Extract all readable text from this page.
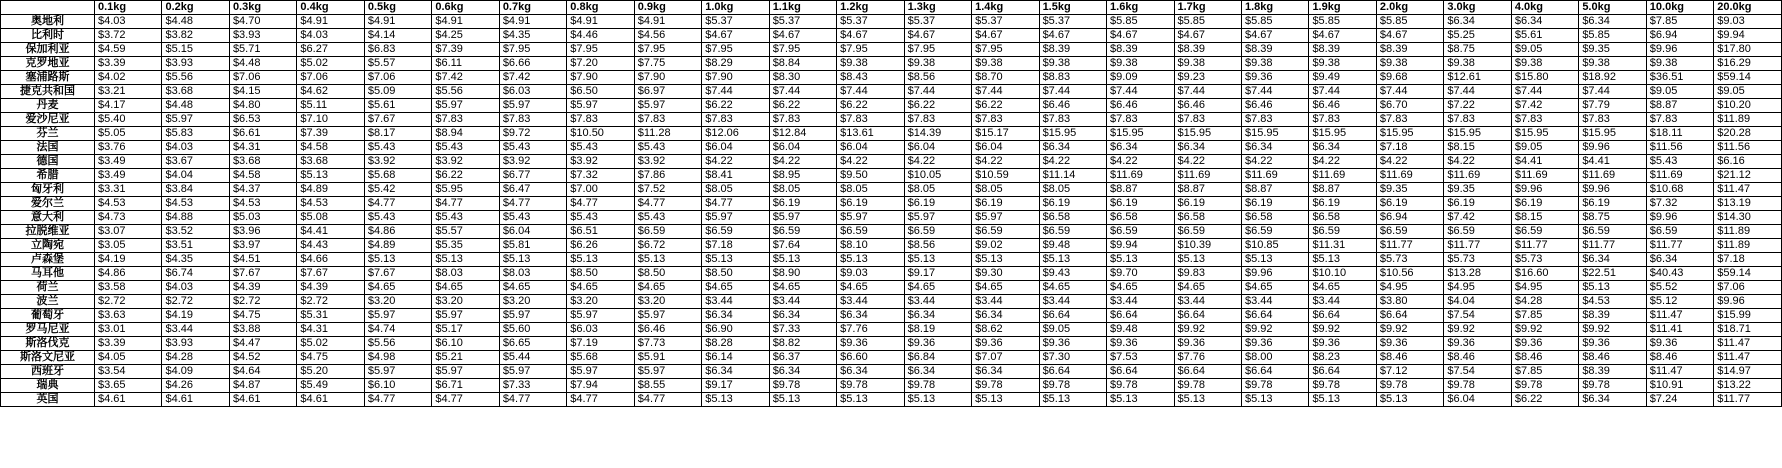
	0.1kg	0.2kg	0.3kg	0.4kg	0.5kg	0.6kg	0.7kg	0.8kg	0.9kg	1.0kg	1.1kg	1.2kg	1.3kg	1.4kg	1.5kg	1.6kg	1.7kg	1.8kg	1.9kg	2.0kg	3.0kg	4.0kg	5.0kg	10.0kg	20.0kg
奥地利	$4.03	$4.48	$4.70	$4.91	$4.91	$4.91	$4.91	$4.91	$4.91	$5.37	$5.37	$5.37	$5.37	$5.37	$5.37	$5.85	$5.85	$5.85	$5.85	$5.85	$6.34	$6.34	$6.34	$7.85	$9.03
比利时	$3.72	$3.82	$3.93	$4.03	$4.14	$4.25	$4.35	$4.46	$4.56	$4.67	$4.67	$4.67	$4.67	$4.67	$4.67	$4.67	$4.67	$4.67	$4.67	$4.67	$5.25	$5.61	$5.85	$6.94	$9.94
保加利亚	$4.59	$5.15	$5.71	$6.27	$6.83	$7.39	$7.95	$7.95	$7.95	$7.95	$7.95	$7.95	$7.95	$7.95	$8.39	$8.39	$8.39	$8.39	$8.39	$8.39	$8.75	$9.05	$9.35	$9.96	$17.80
克罗地亚	$3.39	$3.93	$4.48	$5.02	$5.57	$6.11	$6.66	$7.20	$7.75	$8.29	$8.84	$9.38	$9.38	$9.38	$9.38	$9.38	$9.38	$9.38	$9.38	$9.38	$9.38	$9.38	$9.38	$9.38	$16.29
塞浦路斯	$4.02	$5.56	$7.06	$7.06	$7.06	$7.42	$7.42	$7.90	$7.90	$7.90	$8.30	$8.43	$8.56	$8.70	$8.83	$9.09	$9.23	$9.36	$9.49	$9.68	$12.61	$15.80	$18.92	$36.51	$59.14
捷克共和国	$3.21	$3.68	$4.15	$4.62	$5.09	$5.56	$6.03	$6.50	$6.97	$7.44	$7.44	$7.44	$7.44	$7.44	$7.44	$7.44	$7.44	$7.44	$7.44	$7.44	$7.44	$7.44	$7.44	$9.05	$9.05
丹麦	$4.17	$4.48	$4.80	$5.11	$5.61	$5.97	$5.97	$5.97	$5.97	$6.22	$6.22	$6.22	$6.22	$6.22	$6.46	$6.46	$6.46	$6.46	$6.46	$6.70	$7.22	$7.42	$7.79	$8.87	$10.20
爱沙尼亚	$5.40	$5.97	$6.53	$7.10	$7.67	$7.83	$7.83	$7.83	$7.83	$7.83	$7.83	$7.83	$7.83	$7.83	$7.83	$7.83	$7.83	$7.83	$7.83	$7.83	$7.83	$7.83	$7.83	$7.83	$11.89
芬兰	$5.05	$5.83	$6.61	$7.39	$8.17	$8.94	$9.72	$10.50	$11.28	$12.06	$12.84	$13.61	$14.39	$15.17	$15.95	$15.95	$15.95	$15.95	$15.95	$15.95	$15.95	$15.95	$15.95	$18.11	$20.28
法国	$3.76	$4.03	$4.31	$4.58	$5.43	$5.43	$5.43	$5.43	$5.43	$6.04	$6.04	$6.04	$6.04	$6.04	$6.34	$6.34	$6.34	$6.34	$6.34	$7.18	$8.15	$9.05	$9.96	$11.56	$11.56
德国	$3.49	$3.67	$3.68	$3.68	$3.92	$3.92	$3.92	$3.92	$3.92	$4.22	$4.22	$4.22	$4.22	$4.22	$4.22	$4.22	$4.22	$4.22	$4.22	$4.22	$4.22	$4.41	$4.41	$5.43	$6.16
希腊	$3.49	$4.04	$4.58	$5.13	$5.68	$6.22	$6.77	$7.32	$7.86	$8.41	$8.95	$9.50	$10.05	$10.59	$11.14	$11.69	$11.69	$11.69	$11.69	$11.69	$11.69	$11.69	$11.69	$11.69	$21.12
匈牙利	$3.31	$3.84	$4.37	$4.89	$5.42	$5.95	$6.47	$7.00	$7.52	$8.05	$8.05	$8.05	$8.05	$8.05	$8.05	$8.87	$8.87	$8.87	$8.87	$9.35	$9.35	$9.96	$9.96	$10.68	$11.47
爱尔兰	$4.53	$4.53	$4.53	$4.53	$4.77	$4.77	$4.77	$4.77	$4.77	$4.77	$6.19	$6.19	$6.19	$6.19	$6.19	$6.19	$6.19	$6.19	$6.19	$6.19	$6.19	$6.19	$6.19	$7.32	$13.19
意大利	$4.73	$4.88	$5.03	$5.08	$5.43	$5.43	$5.43	$5.43	$5.43	$5.97	$5.97	$5.97	$5.97	$5.97	$6.58	$6.58	$6.58	$6.58	$6.58	$6.94	$7.42	$8.15	$8.75	$9.96	$14.30
拉脱维亚	$3.07	$3.52	$3.96	$4.41	$4.86	$5.57	$6.04	$6.51	$6.59	$6.59	$6.59	$6.59	$6.59	$6.59	$6.59	$6.59	$6.59	$6.59	$6.59	$6.59	$6.59	$6.59	$6.59	$6.59	$11.89
立陶宛	$3.05	$3.51	$3.97	$4.43	$4.89	$5.35	$5.81	$6.26	$6.72	$7.18	$7.64	$8.10	$8.56	$9.02	$9.48	$9.94	$10.39	$10.85	$11.31	$11.77	$11.77	$11.77	$11.77	$11.77	$11.89
卢森堡	$4.19	$4.35	$4.51	$4.66	$5.13	$5.13	$5.13	$5.13	$5.13	$5.13	$5.13	$5.13	$5.13	$5.13	$5.13	$5.13	$5.13	$5.13	$5.13	$5.73	$5.73	$5.73	$6.34	$6.34	$7.18
马耳他	$4.86	$6.74	$7.67	$7.67	$7.67	$8.03	$8.03	$8.50	$8.50	$8.50	$8.90	$9.03	$9.17	$9.30	$9.43	$9.70	$9.83	$9.96	$10.10	$10.56	$13.28	$16.60	$22.51	$40.43	$59.14
荷兰	$3.58	$4.03	$4.39	$4.39	$4.65	$4.65	$4.65	$4.65	$4.65	$4.65	$4.65	$4.65	$4.65	$4.65	$4.65	$4.65	$4.65	$4.65	$4.65	$4.95	$4.95	$4.95	$5.13	$5.52	$7.06
波兰	$2.72	$2.72	$2.72	$2.72	$3.20	$3.20	$3.20	$3.20	$3.20	$3.44	$3.44	$3.44	$3.44	$3.44	$3.44	$3.44	$3.44	$3.44	$3.44	$3.80	$4.04	$4.28	$4.53	$5.12	$9.96
葡萄牙	$3.63	$4.19	$4.75	$5.31	$5.97	$5.97	$5.97	$5.97	$5.97	$6.34	$6.34	$6.34	$6.34	$6.34	$6.64	$6.64	$6.64	$6.64	$6.64	$6.64	$7.54	$7.85	$8.39	$11.47	$15.99
罗马尼亚	$3.01	$3.44	$3.88	$4.31	$4.74	$5.17	$5.60	$6.03	$6.46	$6.90	$7.33	$7.76	$8.19	$8.62	$9.05	$9.48	$9.92	$9.92	$9.92	$9.92	$9.92	$9.92	$9.92	$11.41	$18.71
斯洛伐克	$3.39	$3.93	$4.47	$5.02	$5.56	$6.10	$6.65	$7.19	$7.73	$8.28	$8.82	$9.36	$9.36	$9.36	$9.36	$9.36	$9.36	$9.36	$9.36	$9.36	$9.36	$9.36	$9.36	$9.36	$11.47
斯洛文尼亚	$4.05	$4.28	$4.52	$4.75	$4.98	$5.21	$5.44	$5.68	$5.91	$6.14	$6.37	$6.60	$6.84	$7.07	$7.30	$7.53	$7.76	$8.00	$8.23	$8.46	$8.46	$8.46	$8.46	$8.46	$11.47
西班牙	$3.54	$4.09	$4.64	$5.20	$5.97	$5.97	$5.97	$5.97	$5.97	$6.34	$6.34	$6.34	$6.34	$6.34	$6.64	$6.64	$6.64	$6.64	$6.64	$7.12	$7.54	$7.85	$8.39	$11.47	$14.97
瑞典	$3.65	$4.26	$4.87	$5.49	$6.10	$6.71	$7.33	$7.94	$8.55	$9.17	$9.78	$9.78	$9.78	$9.78	$9.78	$9.78	$9.78	$9.78	$9.78	$9.78	$9.78	$9.78	$9.78	$10.91	$13.22
英国	$4.61	$4.61	$4.61	$4.61	$4.77	$4.77	$4.77	$4.77	$4.77	$5.13	$5.13	$5.13	$5.13	$5.13	$5.13	$5.13	$5.13	$5.13	$5.13	$5.13	$6.04	$6.22	$6.34	$7.24	$11.77
